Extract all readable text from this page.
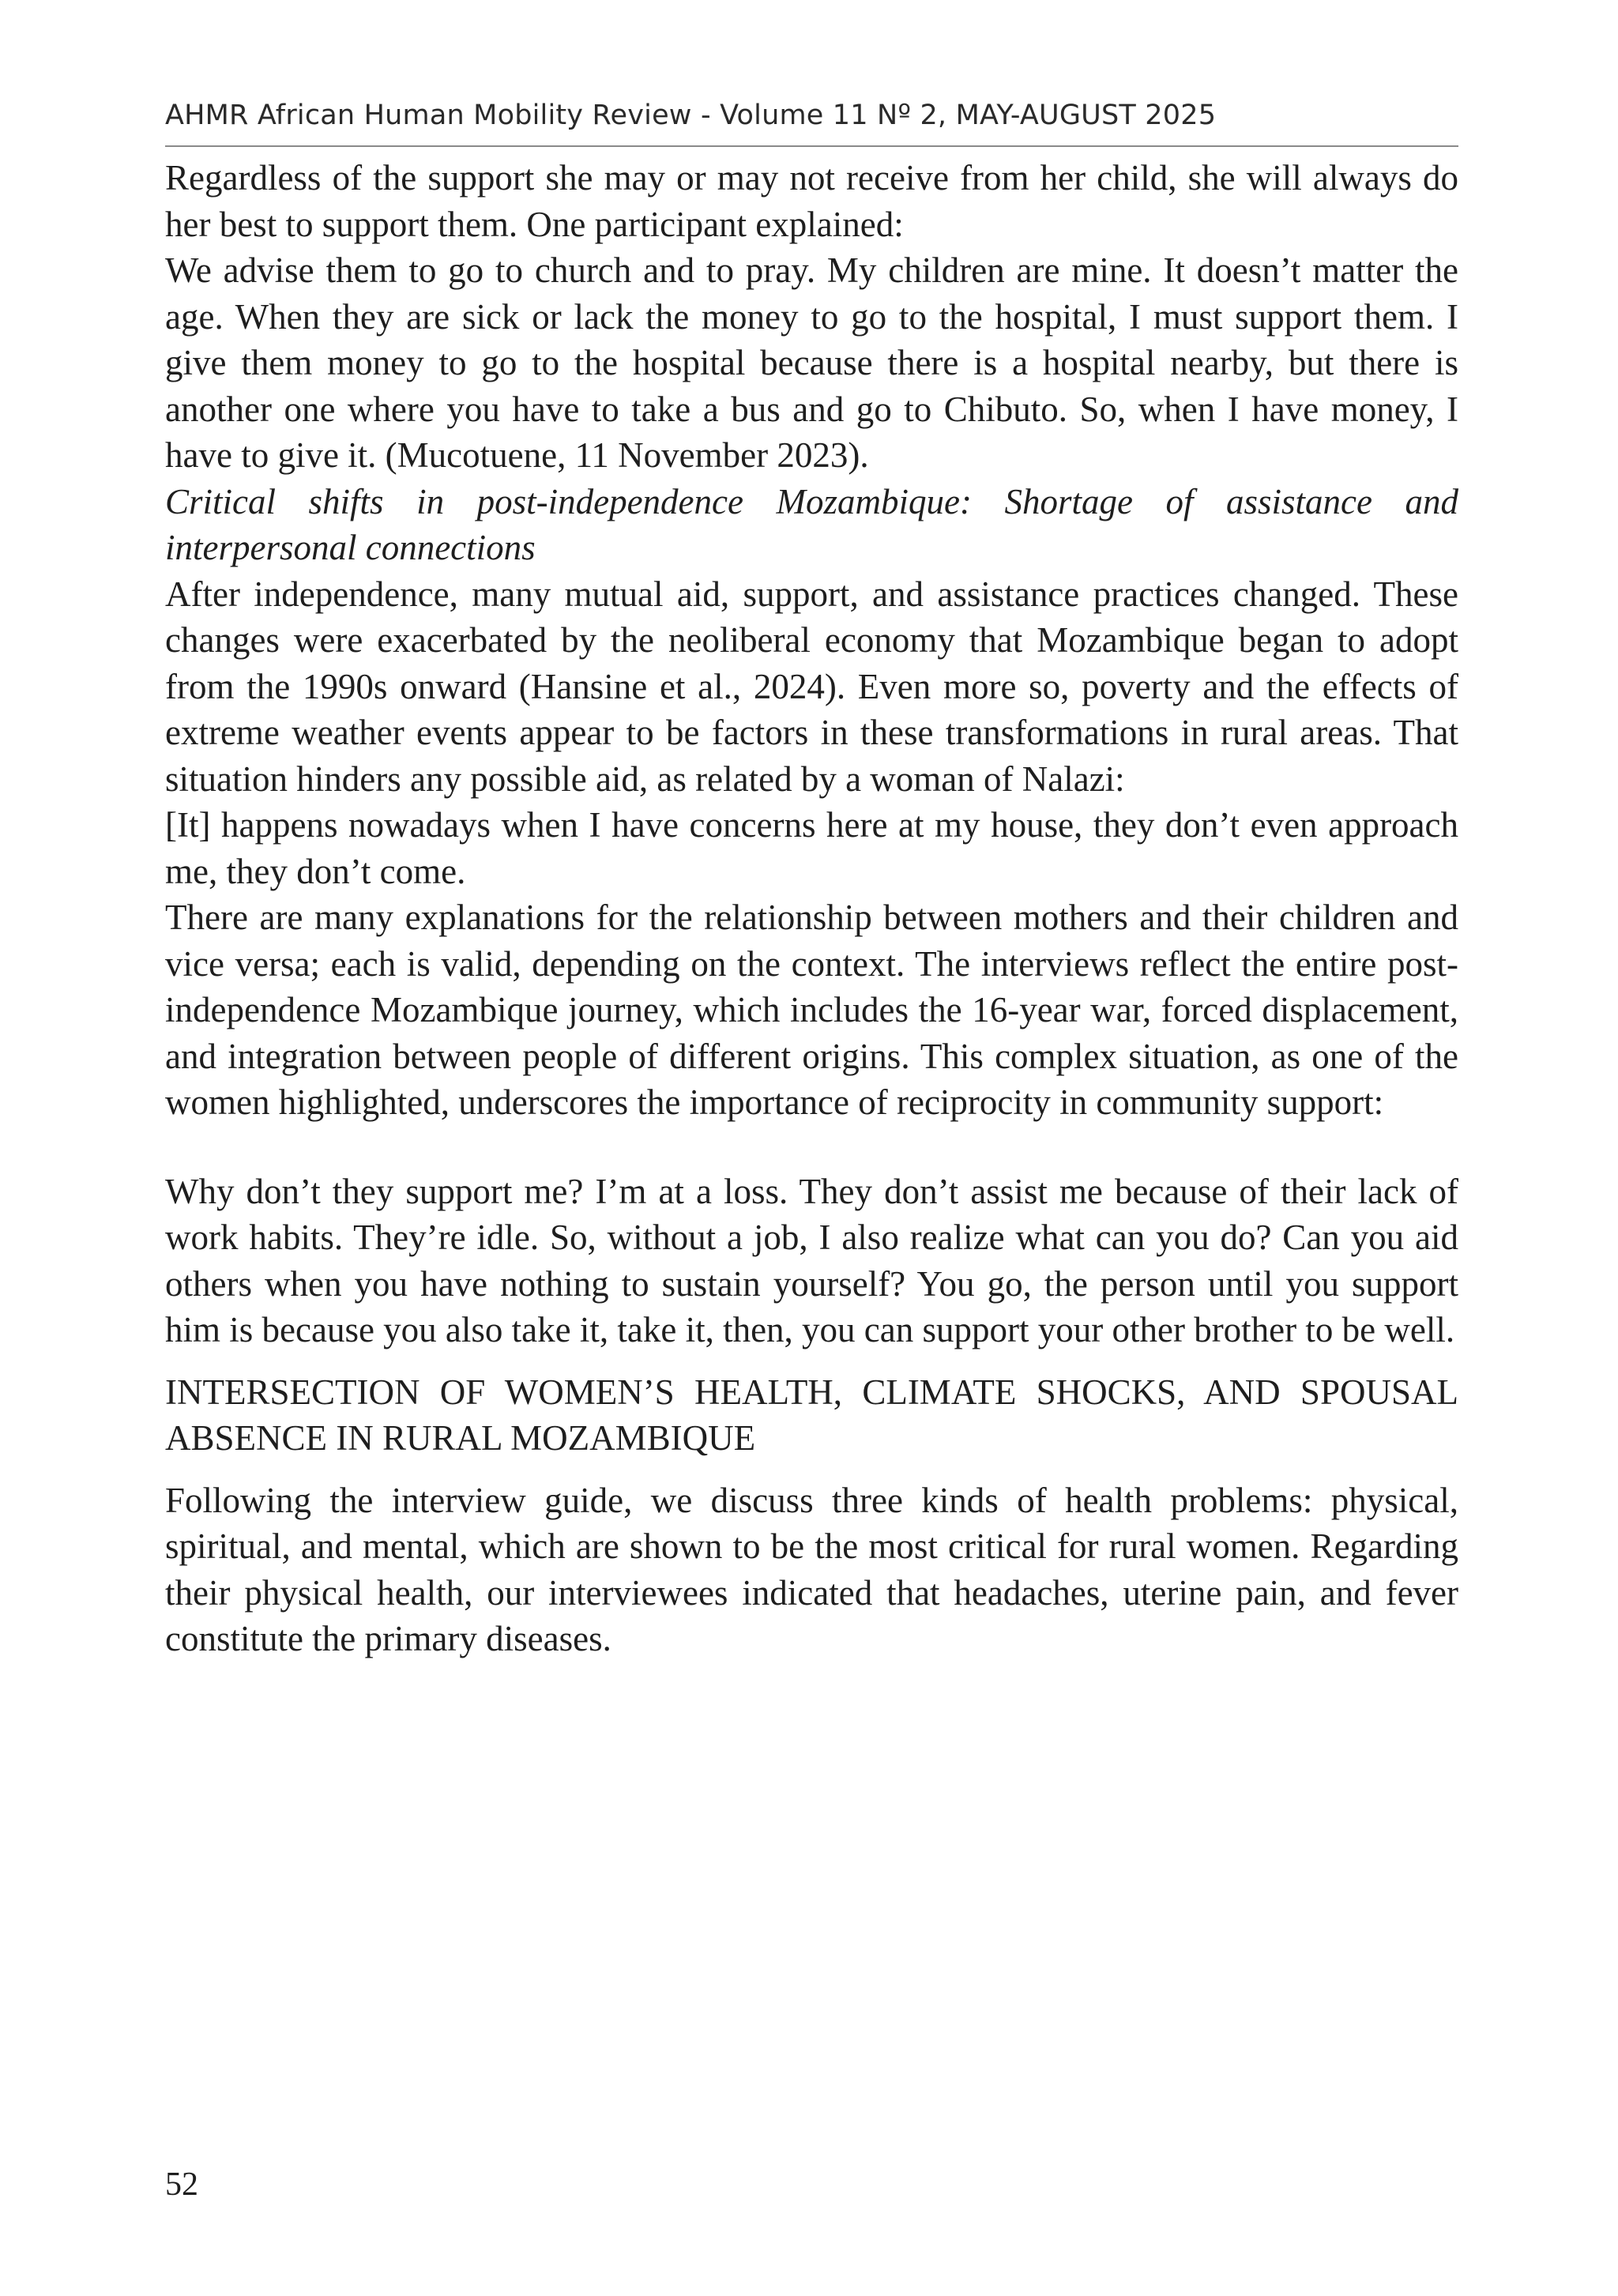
AHMR African Human Mobility Review - Volume 11 Nº 2, MAY-AUGUST 2025

Regardless of the support she may or may not receive from her child, she will always do her best to support them. One participant explained:

We advise them to go to church and to pray. My children are mine. It doesn’t matter the age. When they are sick or lack the money to go to the hospital, I must support them. I give them money to go to the hospital because there is a hospital nearby, but there is another one where you have to take a bus and go to Chibuto. So, when I have money, I have to give it. (Mucotuene, 11 November 2023).

Critical shifts in post-independence Mozambique: Shortage of assistance and interpersonal connections

After independence, many mutual aid, support, and assistance practices changed. These changes were exacerbated by the neoliberal economy that Mozambique began to adopt from the 1990s onward (Hansine et al., 2024). Even more so, poverty and the effects of extreme weather events appear to be factors in these transformations in rural areas. That situation hinders any possible aid, as related by a woman of Nalazi:

[It] happens nowadays when I have concerns here at my house, they don’t even approach me, they don’t come.

There are many explanations for the relationship between mothers and their children and vice versa; each is valid, depending on the context. The interviews reflect the entire post-independence Mozambique journey, which includes the 16-year war, forced displacement, and integration between people of different origins. This complex situation, as one of the women highlighted, underscores the importance of reciprocity in community support:

Why don’t they support me? I’m at a loss. They don’t assist me because of their lack of work habits. They’re idle. So, without a job, I also realize what can you do? Can you aid others when you have nothing to sustain yourself? You go, the person until you support him is because you also take it, take it, then, you can support your other brother to be well.

INTERSECTION OF WOMEN’S HEALTH, CLIMATE SHOCKS, AND SPOUSAL ABSENCE IN RURAL MOZAMBIQUE

Following the interview guide, we discuss three kinds of health problems: physical, spiritual, and mental, which are shown to be the most critical for rural women. Regarding their physical health, our interviewees indicated that headaches, uterine pain, and fever constitute the primary diseases.

52
